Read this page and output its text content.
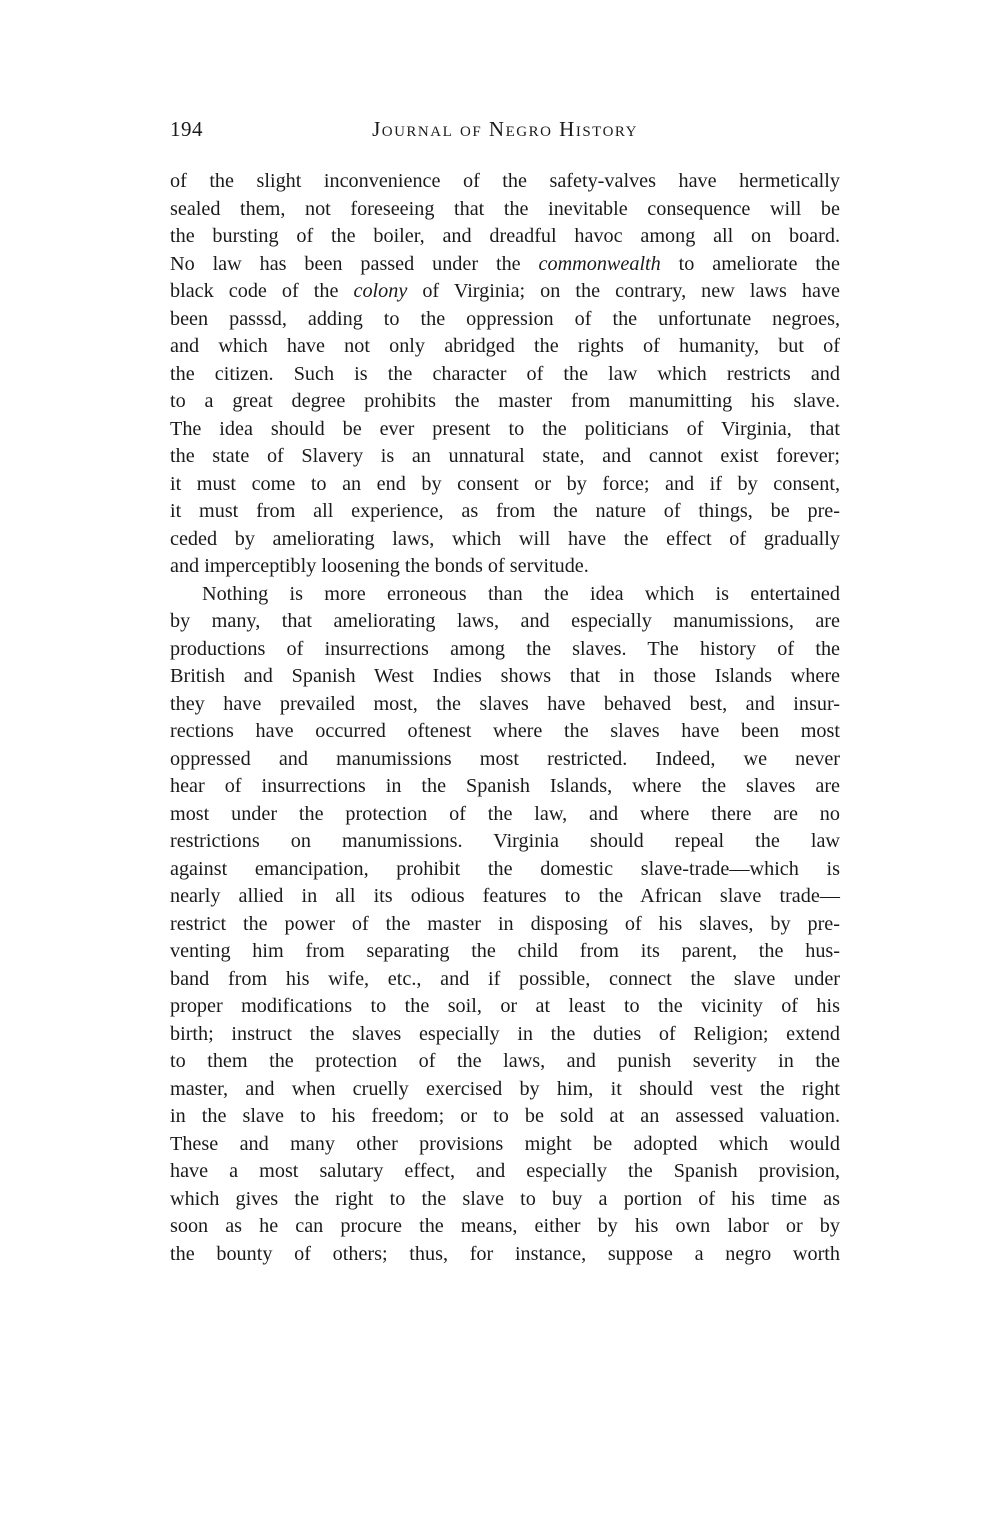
194	Journal of Negro History
of the slight inconvenience of the safety-valves have hermetically
sealed them, not foreseeing that the inevitable consequence will be
the bursting of the boiler, and dreadful havoc among all on board.
No law has been passed under the commonwealth to ameliorate the
black code of the colony of Virginia; on the contrary, new laws have
been passsd, adding to the oppression of the unfortunate negroes,
and which have not only abridged the rights of humanity, but of
the citizen. Such is the character of the law which restricts and
to a great degree prohibits the master from manumitting his slave.
The idea should be ever present to the politicians of Virginia, that
the state of Slavery is an unnatural state, and cannot exist forever;
it must come to an end by consent or by force; and if by consent,
it must from all experience, as from the nature of things, be pre-
ceded by ameliorating laws, which will have the effect of gradually
and imperceptibly loosening the bonds of servitude.
Nothing is more erroneous than the idea which is entertained
by many, that ameliorating laws, and especially manumissions, are
productions of insurrections among the slaves. The history of the
British and Spanish West Indies shows that in those Islands where
they have prevailed most, the slaves have behaved best, and insur-
rections have occurred oftenest where the slaves have been most
oppressed and manumissions most restricted. Indeed, we never
hear of insurrections in the Spanish Islands, where the slaves are
most under the protection of the law, and where there are no
restrictions on manumissions. Virginia should repeal the law
against emancipation, prohibit the domestic slave-trade—which is
nearly allied in all its odious features to the African slave trade—
restrict the power of the master in disposing of his slaves, by pre-
venting him from separating the child from its parent, the hus-
band from his wife, etc., and if possible, connect the slave under
proper modifications to the soil, or at least to the vicinity of his
birth; instruct the slaves especially in the duties of Religion; extend
to them the protection of the laws, and punish severity in the
master, and when cruelly exercised by him, it should vest the right
in the slave to his freedom; or to be sold at an assessed valuation.
These and many other provisions might be adopted which would
have a most salutary effect, and especially the Spanish provision,
which gives the right to the slave to buy a portion of his time as
soon as he can procure the means, either by his own labor or by
the bounty of others; thus, for instance, suppose a negro worth
